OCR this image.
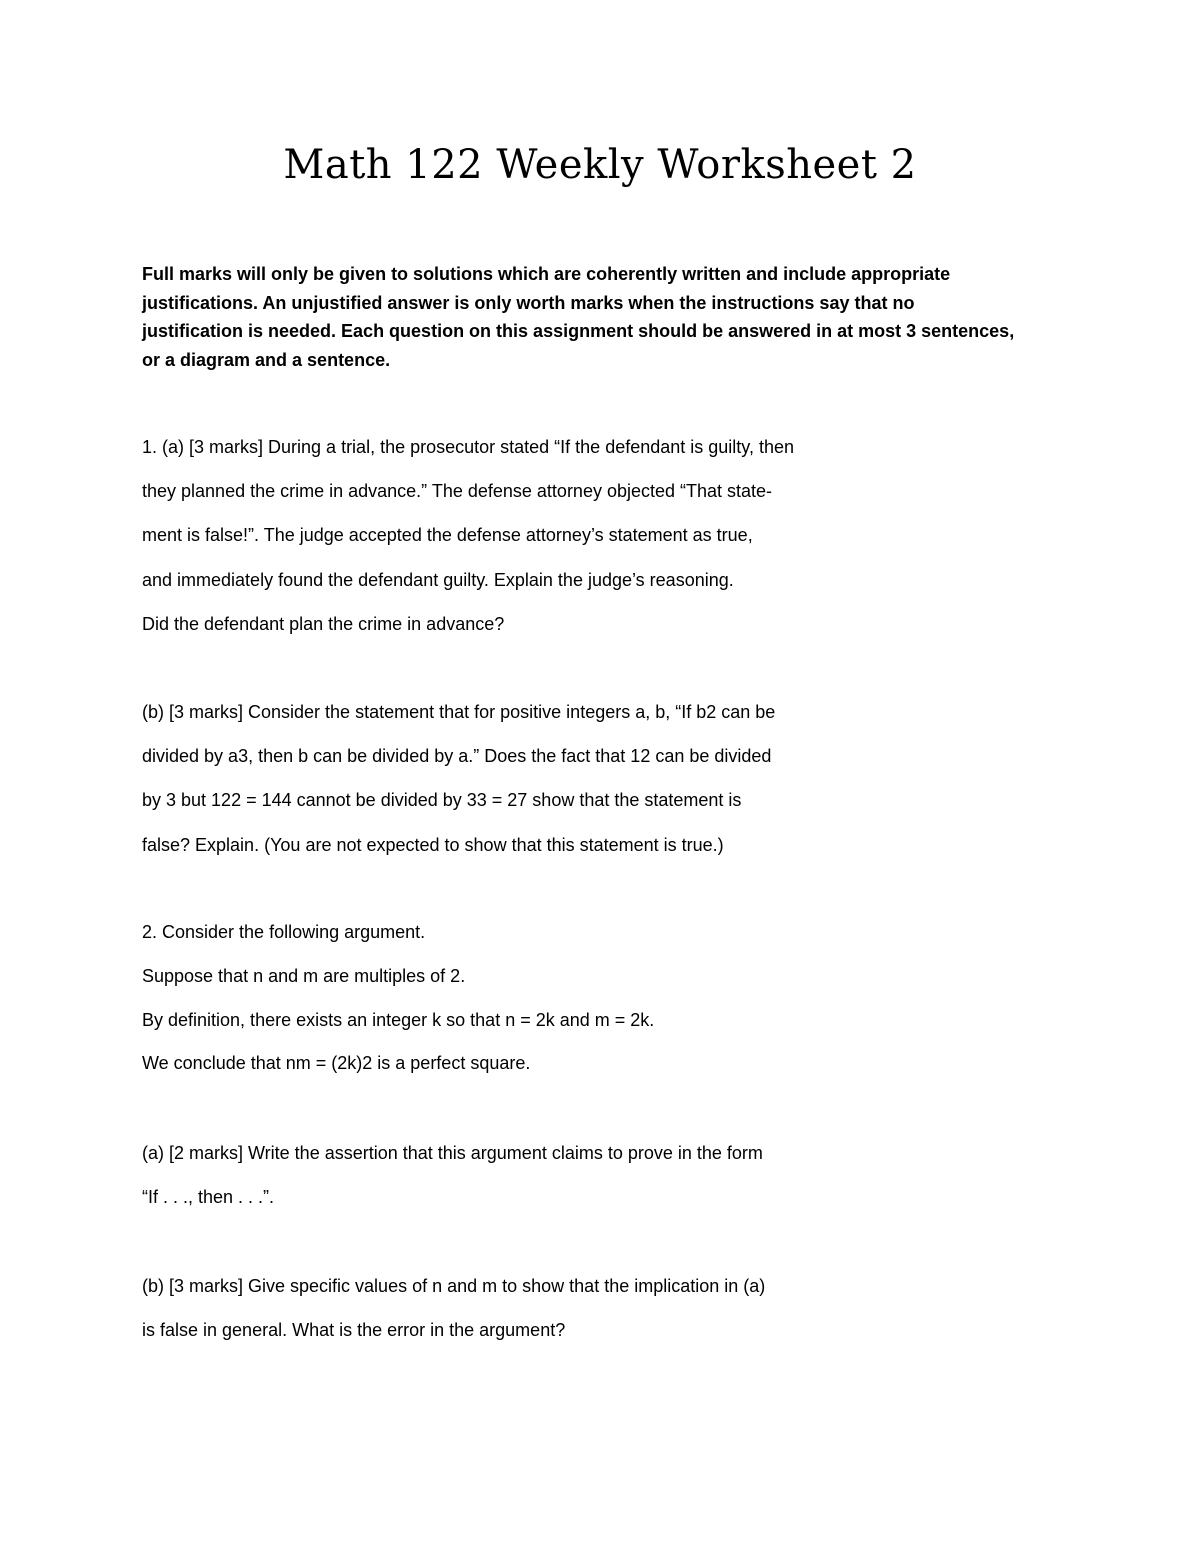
Math 122 Weekly Worksheet 2

Full marks will only be given to solutions which are coherently written and include appropriate
justifications. An unjustified answer is only worth marks when the instructions say that no
justification is needed. Each question on this assignment should be answered in at most 3 sentences,
or a diagram and a sentence.

1. (a) [3 marks] During a trial, the prosecutor stated “If the defendant is guilty, then
they planned the crime in advance.” The defense attorney objected “That state-
ment is false!”. The judge accepted the defense attorney’s statement as true,
and immediately found the defendant guilty. Explain the judge’s reasoning.
Did the defendant plan the crime in advance?
(b) [3 marks] Consider the statement that for positive integers a, b, “If b2 can be
divided by a3, then b can be divided by a.” Does the fact that 12 can be divided
by 3 but 122 = 144 cannot be divided by 33 = 27 show that the statement is
false? Explain. (You are not expected to show that this statement is true.)
2. Consider the following argument.
Suppose that n and m are multiples of 2.
By definition, there exists an integer k so that n = 2k and m = 2k.
We conclude that nm = (2k)2 is a perfect square.
(a) [2 marks] Write the assertion that this argument claims to prove in the form
“If . . ., then . . .”.
(b) [3 marks] Give specific values of n and m to show that the implication in (a)
is false in general. What is the error in the argument?
